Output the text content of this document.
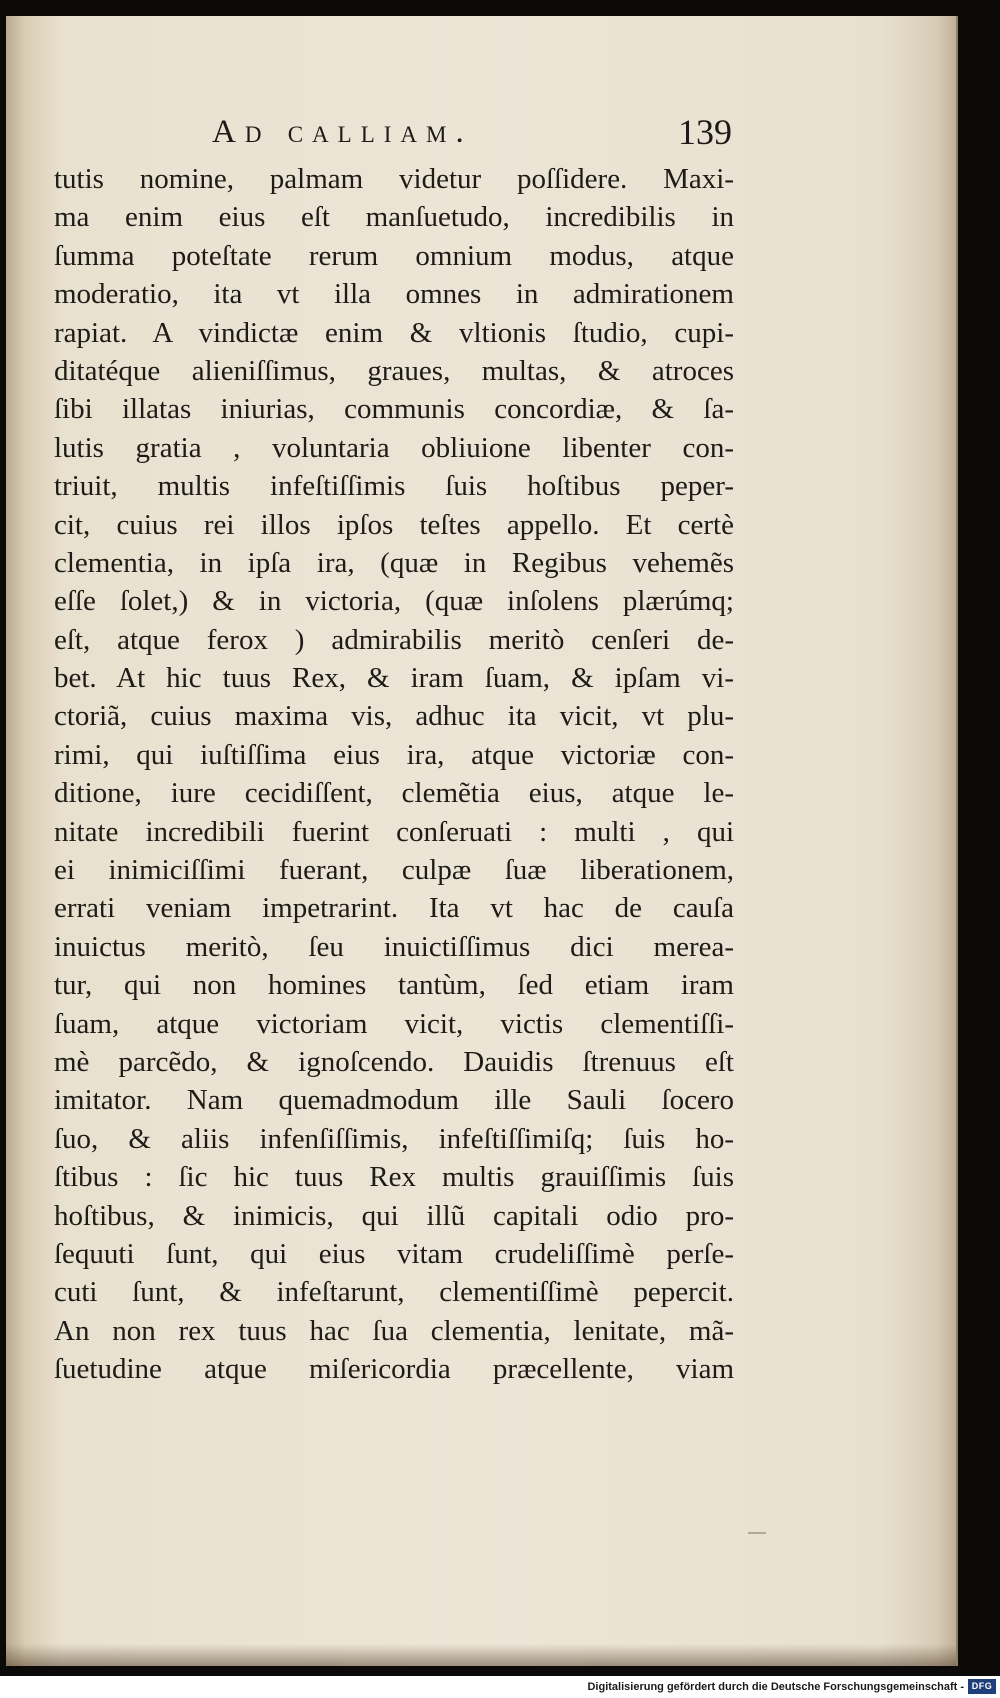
Ad calliam.	139
tutis nomine, palmam videtur poſſidere. Maxi-
ma enim eius eſt manſuetudo, incredibilis in
ſumma poteſtate rerum omnium modus, atque
moderatio, ita vt illa omnes in admirationem
rapiat. A vindictæ enim & vltionis ſtudio, cupi-
ditatéque alieniſſimus, graues, multas, & atroces
ſibi illatas iniurias, communis concordiæ, & ſa-
lutis gratia , voluntaria obliuione libenter con-
triuit, multis infeſtiſſimis ſuis hoſtibus peper-
cit, cuius rei illos ipſos teſtes appello. Et certè
clementia, in ipſa ira, (quæ in Regibus vehemẽs
eſſe ſolet,) & in victoria, (quæ inſolens plærúmq;
eſt, atque ferox ) admirabilis meritò cenſeri de-
bet. At hic tuus Rex, & iram ſuam, & ipſam vi-
ctoriã, cuius maxima vis, adhuc ita vicit, vt plu-
rimi, qui iuſtiſſima eius ira, atque victoriæ con-
ditione, iure cecidiſſent, clemẽtia eius, atque le-
nitate incredibili fuerint conſeruati : multi , qui
ei inimiciſſimi fuerant, culpæ ſuæ liberationem,
errati veniam impetrarint. Ita vt hac de cauſa
inuictus meritò, ſeu inuictiſſimus dici merea-
tur, qui non homines tantùm, ſed etiam iram
ſuam, atque victoriam vicit, victis clementiſſi-
mè parcẽdo, & ignoſcendo. Dauidis ſtrenuus eſt
imitator. Nam quemadmodum ille Sauli ſocero
ſuo, & aliis infenſiſſimis, infeſtiſſimiſq; ſuis ho-
ſtibus : ſic hic tuus Rex multis grauiſſimis ſuis
hoſtibus, & inimicis, qui illũ capitali odio pro-
ſequuti ſunt, qui eius vitam crudeliſſimè perſe-
cuti ſunt, & infeſtarunt, clementiſſimè pepercit.
An non rex tuus hac ſua clementia, lenitate, mã-
ſuetudine atque miſericordia præcellente, viam
Digitalisierung gefördert durch die Deutsche Forschungsgemeinschaft - DFG
